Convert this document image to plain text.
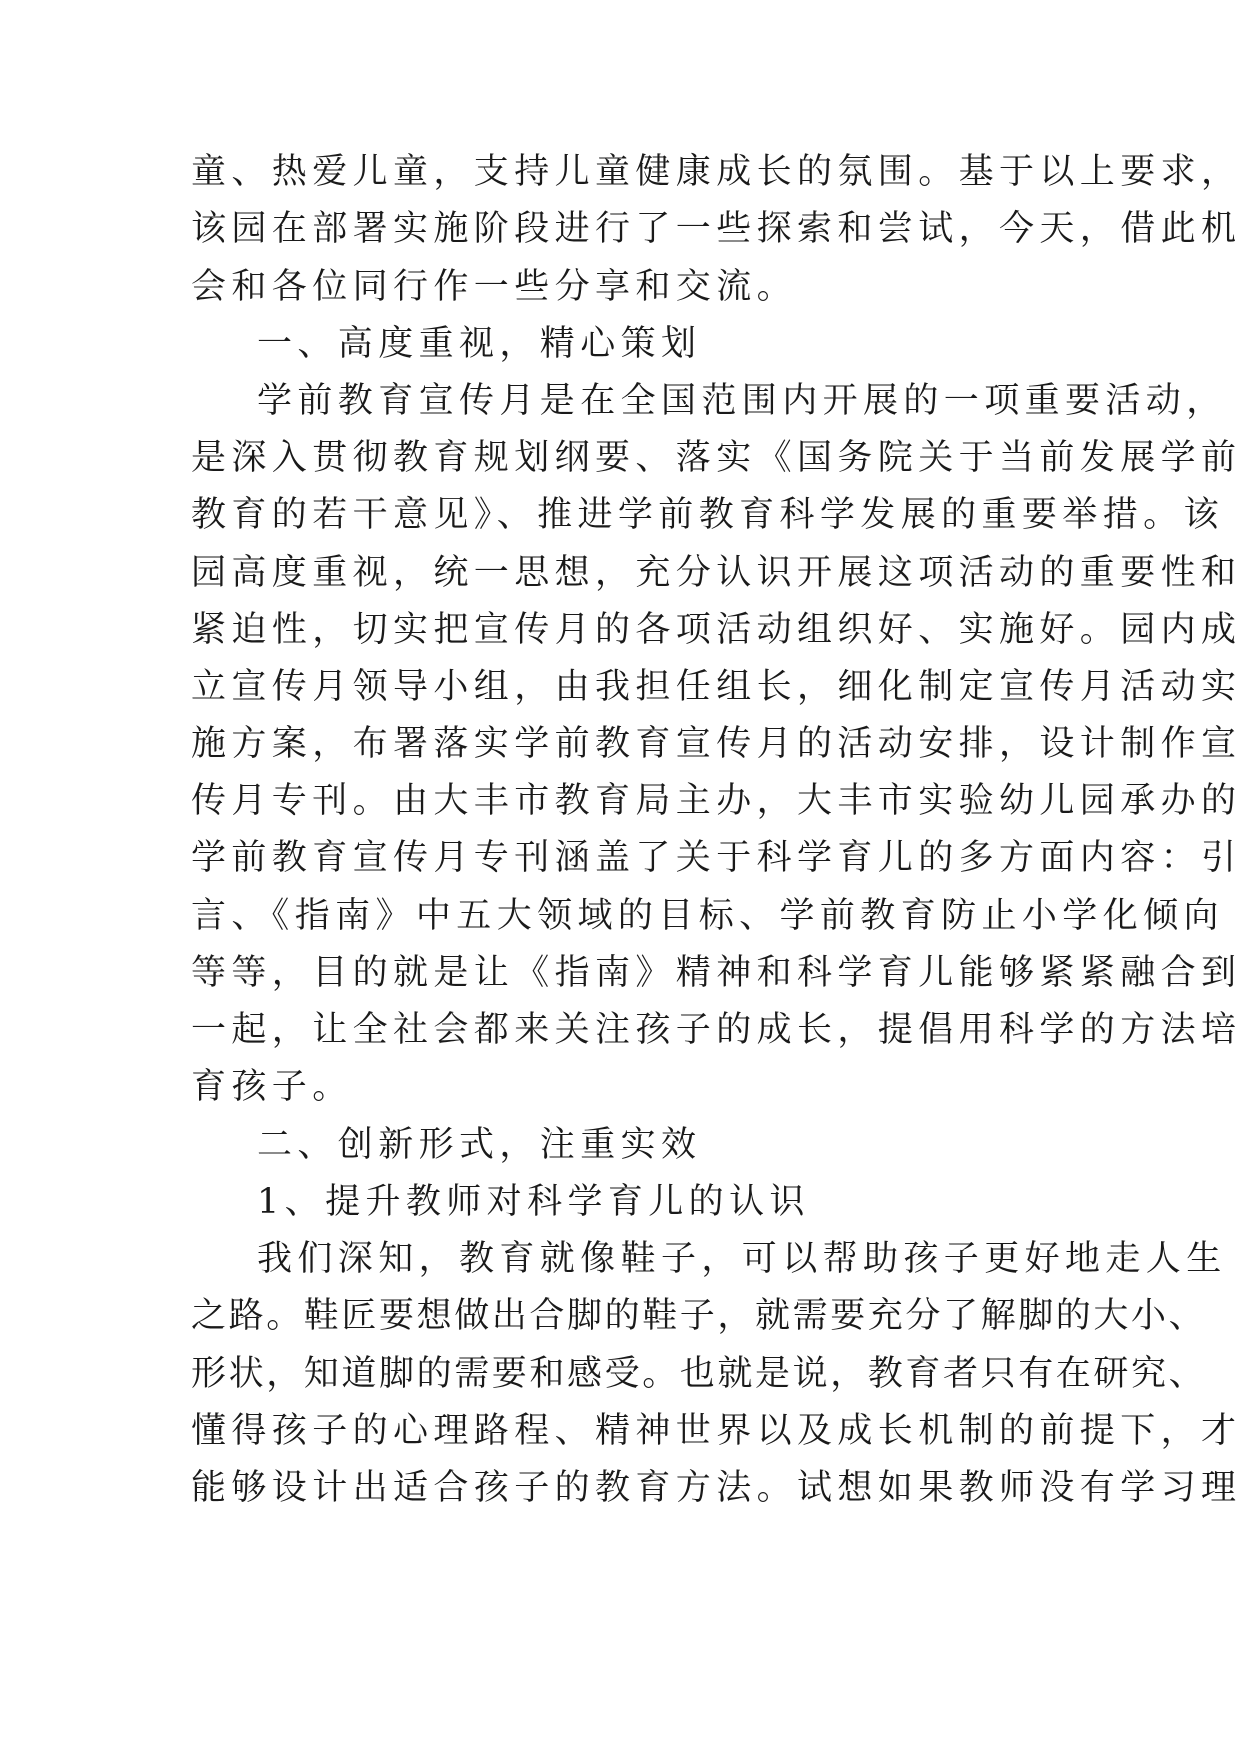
童、热爱儿童，支持儿童健康成长的氛围。基于以上要求，
该园在部署实施阶段进行了一些探索和尝试，今天，借此机
会和各位同行作一些分享和交流。
一、高度重视，精心策划
学前教育宣传月是在全国范围内开展的一项重要活动，
是深入贯彻教育规划纲要、落实《国务院关于当前发展学前
教育的若干意见》、推进学前教育科学发展的重要举措。该
园高度重视，统一思想，充分认识开展这项活动的重要性和
紧迫性，切实把宣传月的各项活动组织好、实施好。园内成
立宣传月领导小组，由我担任组长，细化制定宣传月活动实
施方案，布署落实学前教育宣传月的活动安排，设计制作宣
传月专刊。由大丰市教育局主办，大丰市实验幼儿园承办的
学前教育宣传月专刊涵盖了关于科学育儿的多方面内容：引
言、《指南》中五大领域的目标、学前教育防止小学化倾向
等等，目的就是让《指南》精神和科学育儿能够紧紧融合到
一起，让全社会都来关注孩子的成长，提倡用科学的方法培
育孩子。
二、创新形式，注重实效
1、提升教师对科学育儿的认识
我们深知，教育就像鞋子，可以帮助孩子更好地走人生
之路。鞋匠要想做出合脚的鞋子，就需要充分了解脚的大小、
形状，知道脚的需要和感受。也就是说，教育者只有在研究、
懂得孩子的心理路程、精神世界以及成长机制的前提下，才
能够设计出适合孩子的教育方法。试想如果教师没有学习理
